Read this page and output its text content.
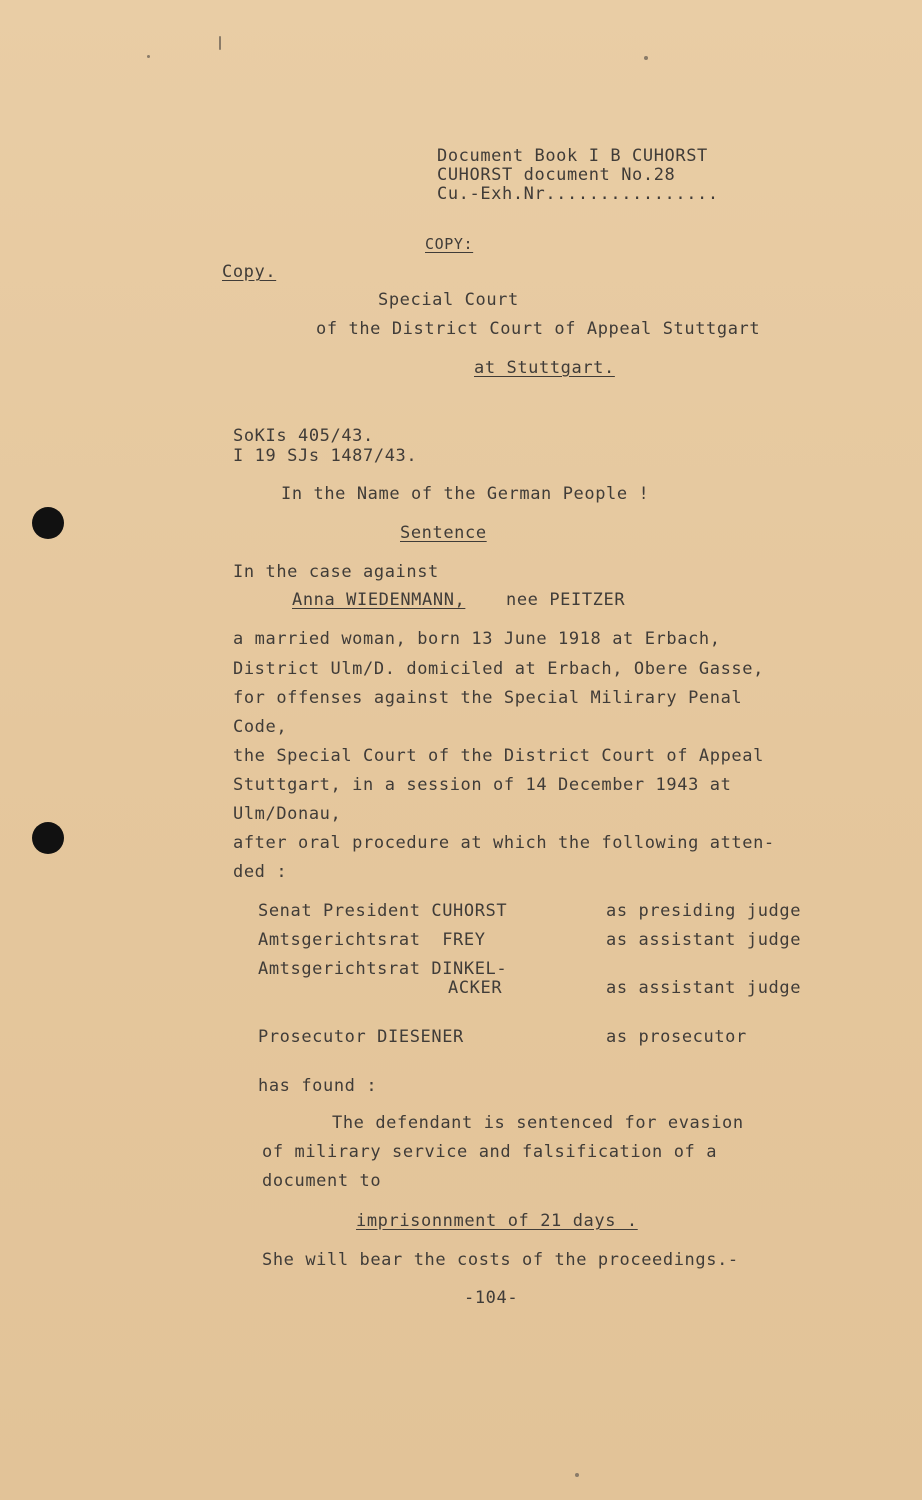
Document Book I B CUHORST
CUHORST document No.28
Cu.-Exh.Nr................
COPY:
Copy.
Special Court
of the District Court of Appeal Stuttgart
at Stuttgart.
SoKIs 405/43.
I 19 SJs 1487/43.
In the Name of the German People !
Sentence
In the case against
Anna WIEDENMANN, nee PEITZER
a married woman, born 13 June 1918 at Erbach,
District Ulm/D. domiciled at Erbach, Obere Gasse,
for offenses against the Special Milirary Penal
Code,
the Special Court of the District Court of Appeal
Stuttgart, in a session of 14 December 1943 at
Ulm/Donau,
after oral procedure at which the following atten-
ded :
Senat President CUHORST	as presiding judge
Amtsgerichtsrat  FREY	as assistant judge
Amtsgerichtsrat DINKEL-
ACKER	as assistant judge
Prosecutor DIESENER	as prosecutor
has found :
The defendant is sentenced for evasion
of milirary service and falsification of a
document to
imprisonnment of 21 days .
She will bear the costs of the proceedings.-
-104-
